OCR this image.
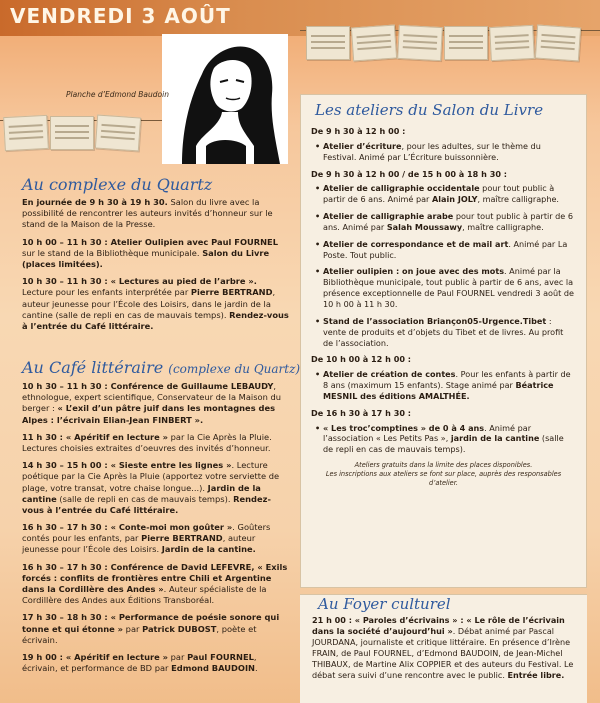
VENDREDI 3 AOÛT
Planche d’Edmond Baudoin
Au complexe du Quartz

En journée de 9 h 30 à 19 h 30. Salon du livre avec la possibilité de rencontrer les auteurs invités d’honneur sur le stand de la Maison de la Presse.

10 h 00 – 11 h 30 : Atelier Oulipien avec Paul FOURNEL sur le stand de la Bibliothèque municipale. Salon du Livre (places limitées).

10 h 30 – 11 h 30 : « Lectures au pied de l’arbre ». Lecture pour les enfants interprétée par Pierre BERTRAND, auteur jeunesse pour l’École des Loisirs, dans le jardin de la cantine (salle de repli en cas de mauvais temps). Rendez-vous à l’entrée du Café littéraire.

Au Café littéraire (complexe du Quartz)

10 h 30 – 11 h 30 : Conférence de Guillaume LEBAUDY, ethnologue, expert scientifique, Conservateur de la Maison du berger : « L’exil d’un pâtre juif dans les montagnes des Alpes : l’écrivain Elian-Jean FINBERT ».

11 h 30 : « Apéritif en lecture » par la Cie Après la Pluie. Lectures choisies extraites d’oeuvres des invités d’honneur.

14 h 30 – 15 h 00 : « Sieste entre les lignes ». Lecture poétique par la Cie Après la Pluie (apportez votre serviette de plage, votre transat, votre chaise longue...). Jardin de la cantine (salle de repli en cas de mauvais temps). Rendez-vous à l’entrée du Café littéraire.

16 h 30 – 17 h 30 : « Conte-moi mon goûter ». Goûters contés pour les enfants, par Pierre BERTRAND, auteur jeunesse pour l’École des Loisirs. Jardin de la cantine.

16 h 30 – 17 h 30 : Conférence de David LEFEVRE, « Exils forcés : conflits de frontières entre Chili et Argentine dans la Cordillère des Andes ». Auteur spécialiste de la Cordillère des Andes aux Éditions Transboréal.

17 h 30 – 18 h 30 : « Performance de poésie sonore qui tonne et qui étonne » par Patrick DUBOST, poète et écrivain.

19 h 00 : « Apéritif en lecture » par Paul FOURNEL, écrivain, et performance de BD par Edmond BAUDOIN.

Les ateliers du Salon du Livre
De 9 h 30 à 12 h 00 :
• Atelier d’écriture, pour les adultes, sur le thème du Festival. Animé par L’Écriture buissonnière.
De 9 h 30 à 12 h 00 / de 15 h 00 à 18 h 30 :
• Atelier de calligraphie occidentale pour tout public à partir de 6 ans. Animé par Alain JOLY, maître calligraphe.
• Atelier de calligraphie arabe pour tout public à partir de 6 ans. Animé par Salah Moussawy, maître calligraphe.
• Atelier de correspondance et de mail art. Animé par La Poste. Tout public.
• Atelier oulipien : on joue avec des mots. Animé par la Bibliothèque municipale, tout public à partir de 6 ans, avec la présence exceptionnelle de Paul FOURNEL vendredi 3 août de 10 h 00 à 11 h 30.
• Stand de l’association Briançon05-Urgence.Tibet : vente de produits et d’objets du Tibet et de livres. Au profit de l’association.
De 10 h 00 à 12 h 00 :
• Atelier de création de contes. Pour les enfants à partir de 8 ans (maximum 15 enfants). Stage animé par Béatrice MESNIL des éditions AMALTHÉE.
De 16 h 30 à 17 h 30 :
• « Les troc’comptines » de 0 à 4 ans. Animé par l’association « Les Petits Pas », jardin de la cantine (salle de repli en cas de mauvais temps).
Ateliers gratuits dans la limite des places disponibles.
Les inscriptions aux ateliers se font sur place, auprès des responsables d’atelier.
Au Foyer culturel
21 h 00 : « Paroles d’écrivains » : « Le rôle de l’écrivain dans la société d’aujourd’hui ». Débat animé par Pascal JOURDANA, journaliste et critique littéraire. En présence d’Irène FRAIN, de Paul FOURNEL, d’Edmond BAUDOIN, de Jean-Michel THIBAUX, de Martine Alix COPPIER et des auteurs du Festival. Le débat sera suivi d’une rencontre avec le public. Entrée libre.
